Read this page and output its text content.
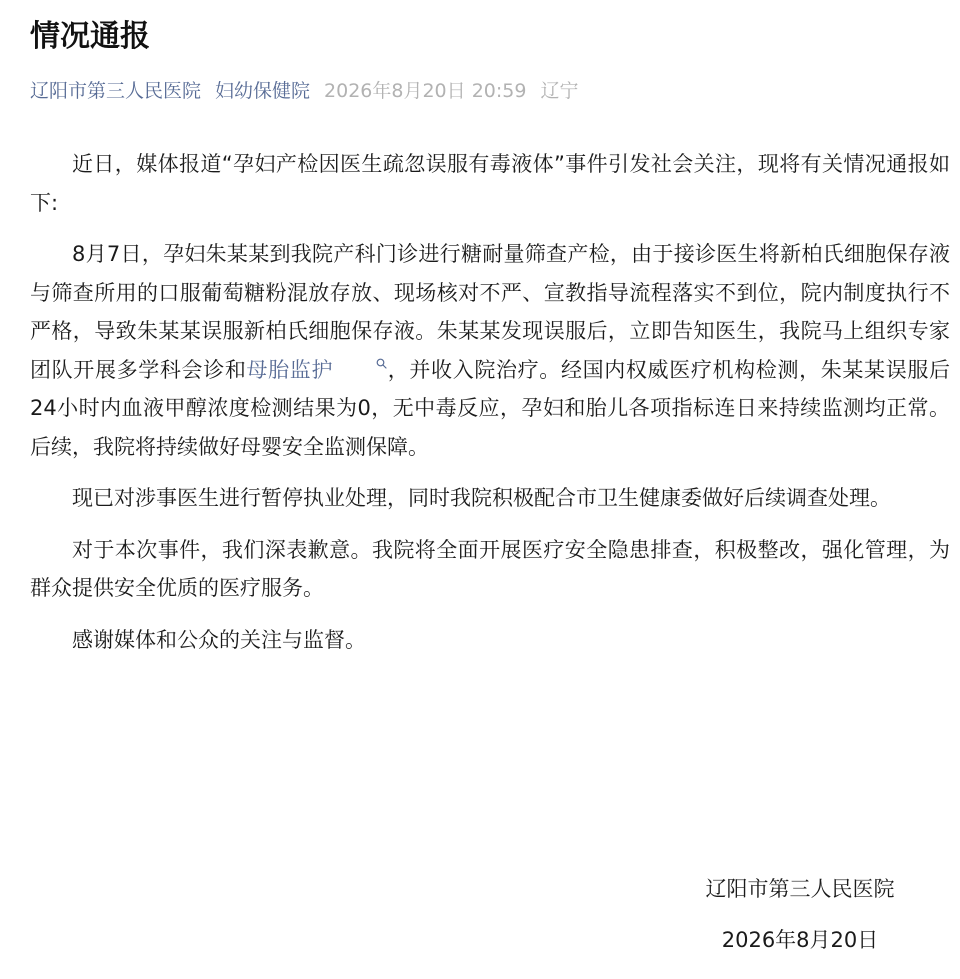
情况通报
辽阳市第三人民医院 妇幼保健院 2026年8月20日 20:59 辽宁

近日，媒体报道“孕妇产检因医生疏忽误服有毒液体”事件引发社会关注，现将有关情况通报如下:

8月7日，孕妇朱某某到我院产科门诊进行糖耐量筛查产检，由于接诊医生将新柏氏细胞保存液与筛查所用的口服葡萄糖粉混放存放、现场核对不严、宣教指导流程落实不到位，院内制度执行不严格，导致朱某某误服新柏氏细胞保存液。朱某某发现误服后，立即告知医生，我院马上组织专家团队开展多学科会诊和母胎监护	，并收入院治疗。经国内权威医疗机构检测，朱某某误服后24小时内血液甲醇浓度检测结果为0，无中毒反应，孕妇和胎儿各项指标连日来持续监测均正常。后续，我院将持续做好母婴安全监测保障。

现已对涉事医生进行暂停执业处理，同时我院积极配合市卫生健康委做好后续调查处理。

对于本次事件，我们深表歉意。我院将全面开展医疗安全隐患排查，积极整改，强化管理，为群众提供安全优质的医疗服务。

感谢媒体和公众的关注与监督。

辽阳市第三人民医院
2026年8月20日
